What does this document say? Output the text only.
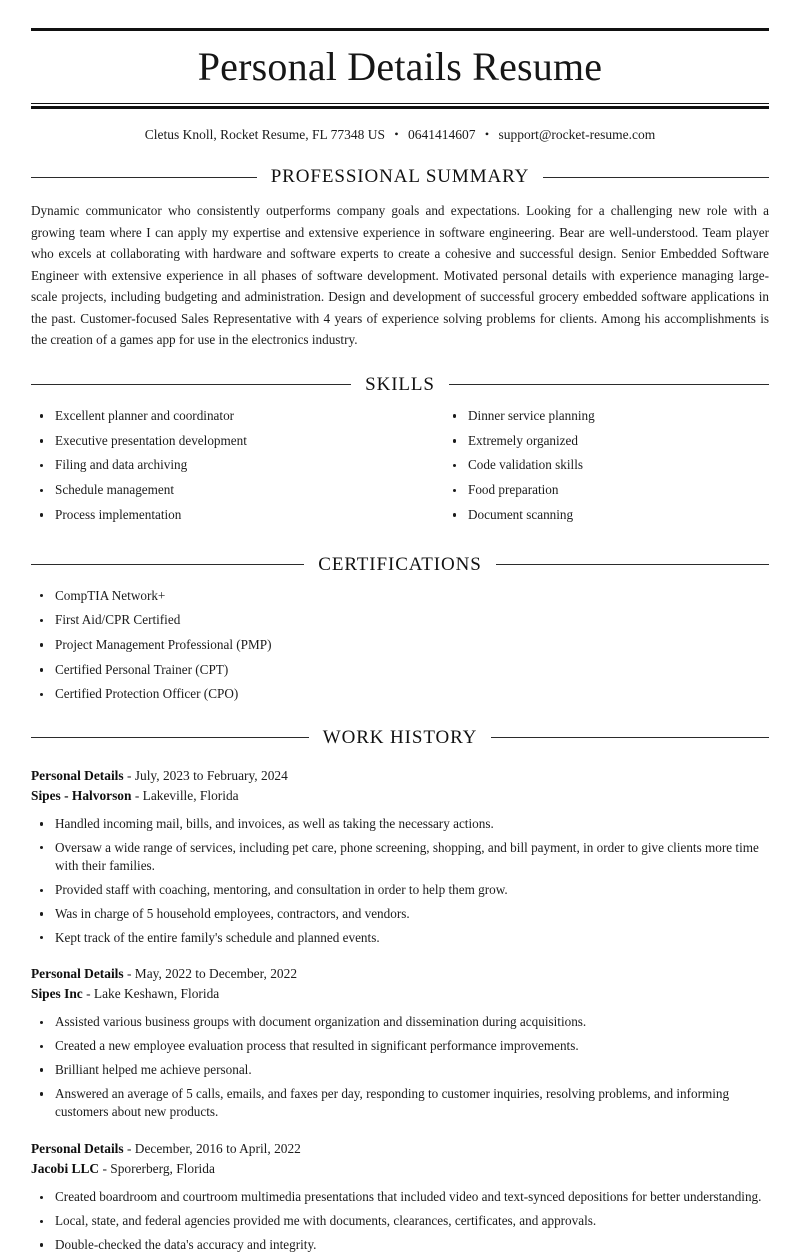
Personal Details Resume
Cletus Knoll, Rocket Resume, FL 77348 US • 0641414607 • support@rocket-resume.com
PROFESSIONAL SUMMARY

Dynamic communicator who consistently outperforms company goals and expectations. Looking for a challenging new role with a growing team where I can apply my expertise and extensive experience in software engineering. Bear are well-understood. Team player who excels at collaborating with hardware and software experts to create a cohesive and successful design. Senior Embedded Software Engineer with extensive experience in all phases of software development. Motivated personal details with experience managing large-scale projects, including budgeting and administration. Design and development of successful grocery embedded software applications in the past. Customer-focused Sales Representative with 4 years of experience solving problems for clients. Among his accomplishments is the creation of a games app for use in the electronics industry.

SKILLS
Excellent planner and coordinator
Executive presentation development
Filing and data archiving
Schedule management
Process implementation
Dinner service planning
Extremely organized
Code validation skills
Food preparation
Document scanning
CERTIFICATIONS
CompTIA Network+
First Aid/CPR Certified
Project Management Professional (PMP)
Certified Personal Trainer (CPT)
Certified Protection Officer (CPO)
WORK HISTORY
Personal Details - July, 2023 to February, 2024
Sipes - Halvorson - Lakeville, Florida
Handled incoming mail, bills, and invoices, as well as taking the necessary actions.
Oversaw a wide range of services, including pet care, phone screening, shopping, and bill payment, in order to give clients more time with their families.
Provided staff with coaching, mentoring, and consultation in order to help them grow.
Was in charge of 5 household employees, contractors, and vendors.
Kept track of the entire family's schedule and planned events.
Personal Details - May, 2022 to December, 2022
Sipes Inc - Lake Keshawn, Florida
Assisted various business groups with document organization and dissemination during acquisitions.
Created a new employee evaluation process that resulted in significant performance improvements.
Brilliant helped me achieve personal.
Answered an average of 5 calls, emails, and faxes per day, responding to customer inquiries, resolving problems, and informing customers about new products.
Personal Details - December, 2016 to April, 2022
Jacobi LLC - Sporerberg, Florida
Created boardroom and courtroom multimedia presentations that included video and text-synced depositions for better understanding.
Local, state, and federal agencies provided me with documents, clearances, certificates, and approvals.
Double-checked the data's accuracy and integrity.
